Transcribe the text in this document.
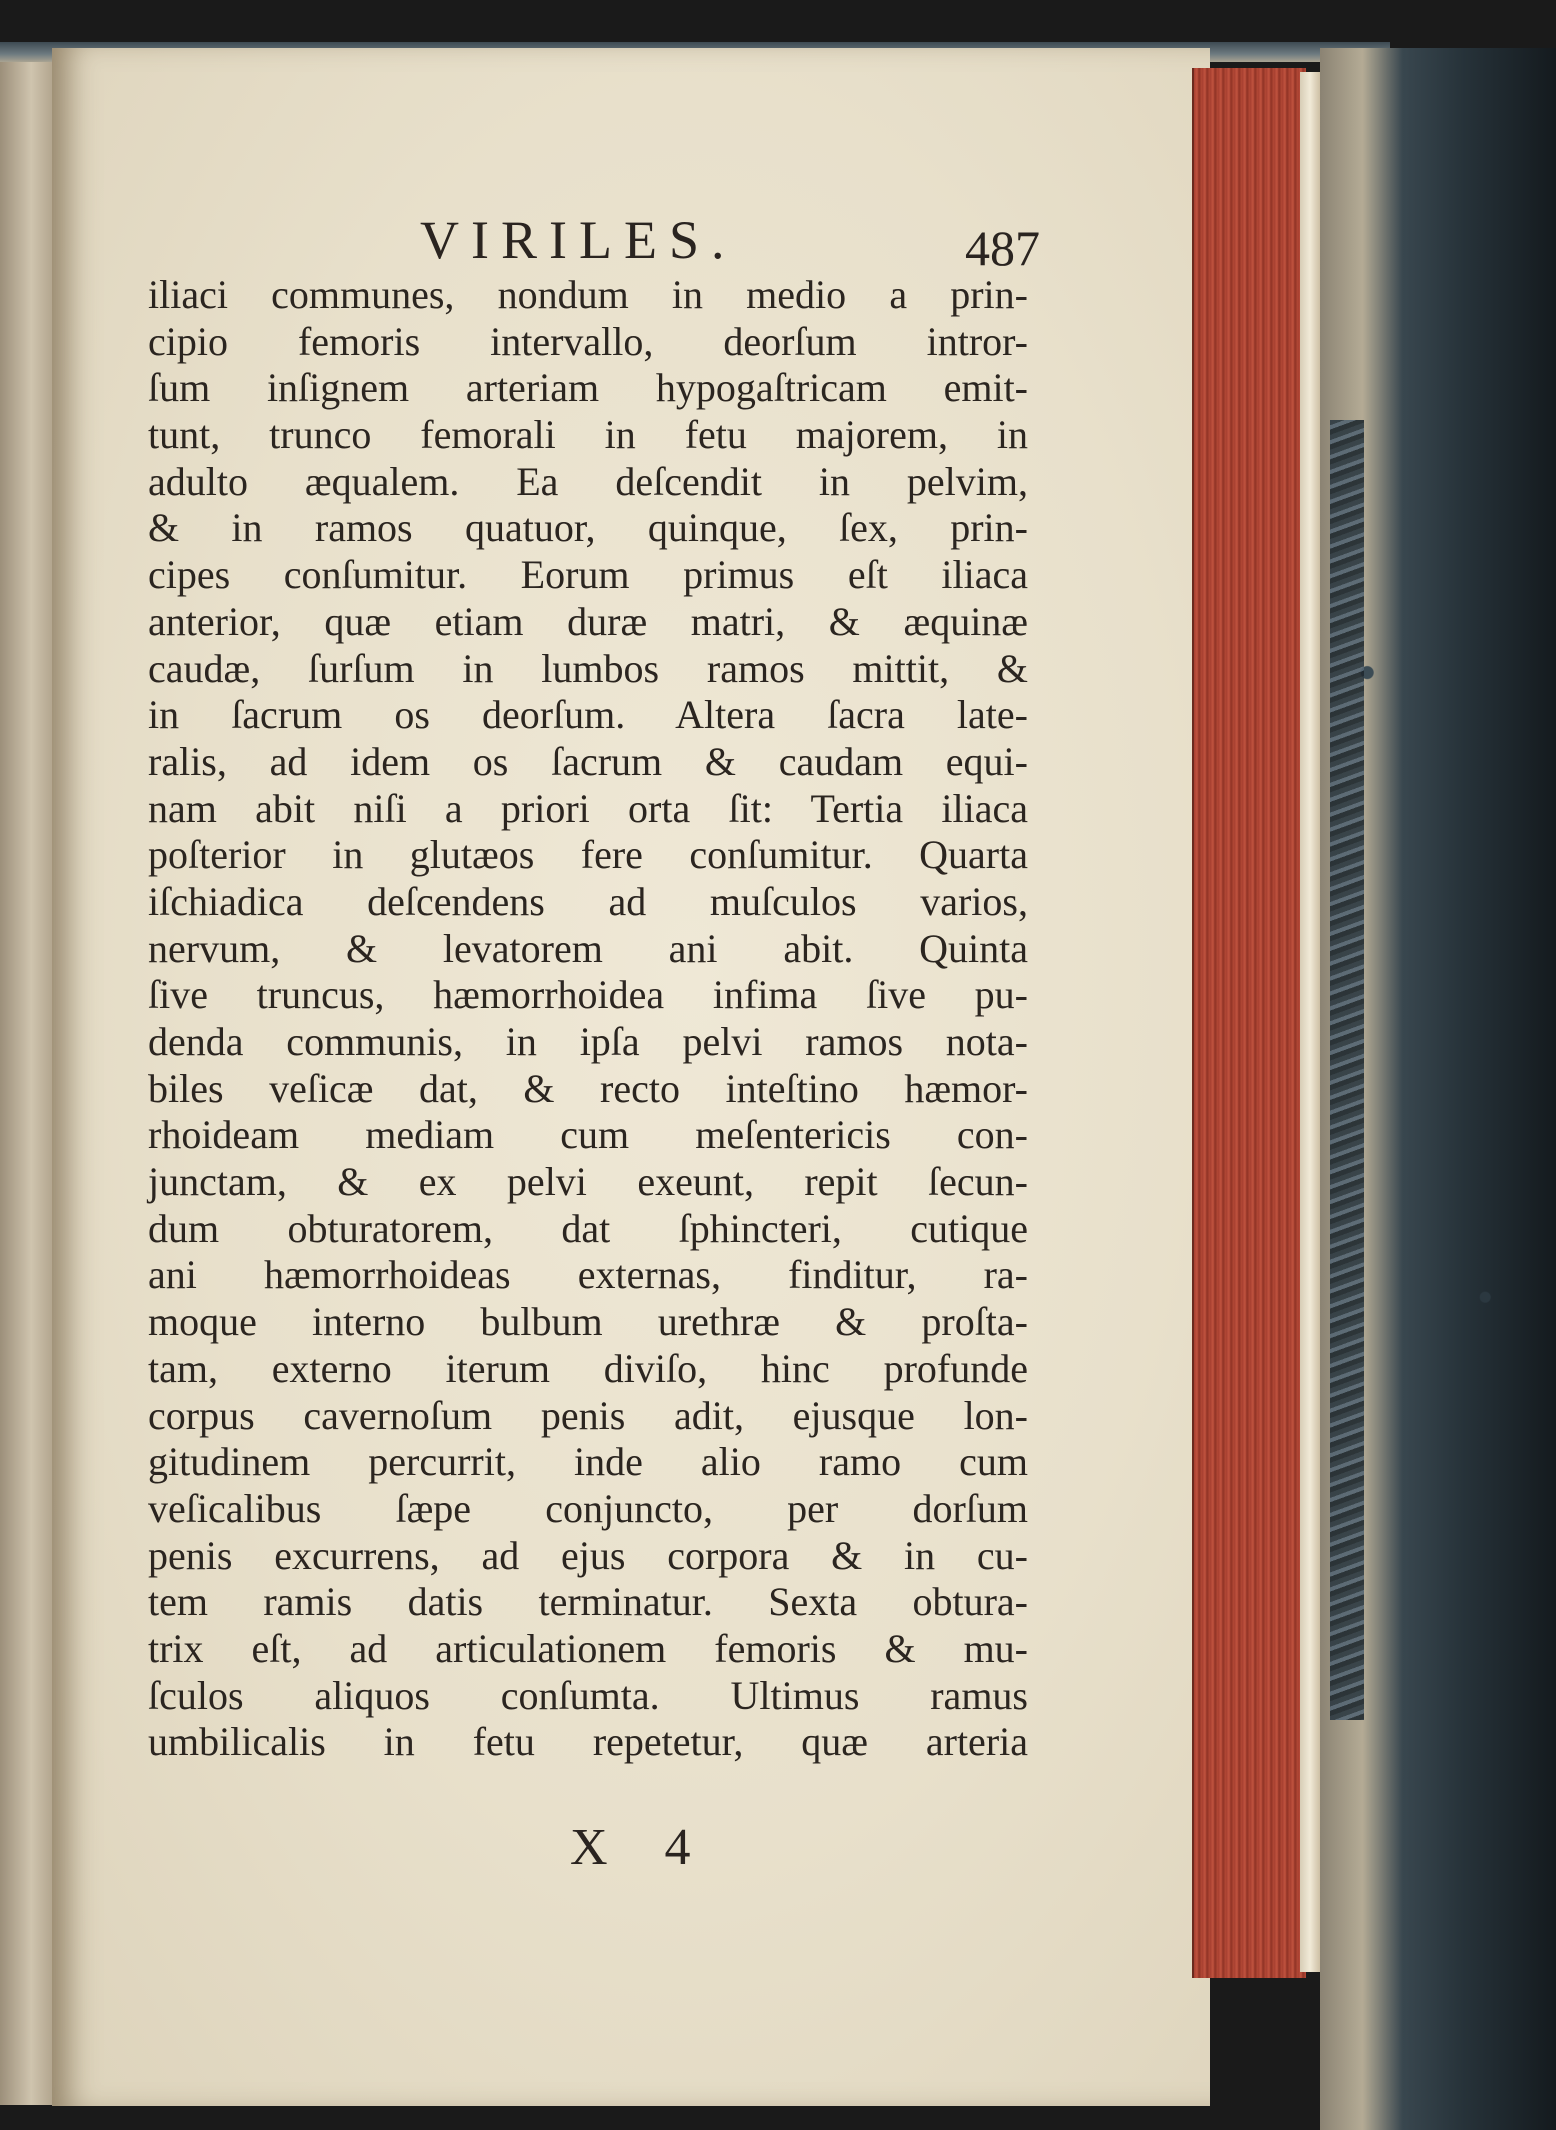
VIRILES.	487
iliaci communes, nondum in medio a prin-
cipio femoris intervallo, deorſum intror-
ſum inſignem arteriam hypogaſtricam emit-
tunt, trunco femorali in fetu majorem, in
adulto æqualem. Ea deſcendit in pelvim,
& in ramos quatuor, quinque, ſex, prin-
cipes conſumitur. Eorum primus eſt iliaca
anterior, quæ etiam duræ matri, & æquinæ
caudæ, ſurſum in lumbos ramos mittit, &
in ſacrum os deorſum. Altera ſacra late-
ralis, ad idem os ſacrum & caudam equi-
nam abit niſi a priori orta ſit: Tertia iliaca
poſterior in glutæos fere conſumitur. Quarta
iſchiadica deſcendens ad muſculos varios,
nervum, & levatorem ani abit. Quinta
ſive truncus, hæmorrhoidea infima ſive pu-
denda communis, in ipſa pelvi ramos nota-
biles veſicæ dat, & recto inteſtino hæmor-
rhoideam mediam cum meſentericis con-
junctam, & ex pelvi exeunt, repit ſecun-
dum obturatorem, dat ſphincteri, cutique
ani hæmorrhoideas externas, finditur, ra-
moque interno bulbum urethræ & proſta-
tam, externo iterum diviſo, hinc profunde
corpus cavernoſum penis adit, ejusque lon-
gitudinem percurrit, inde alio ramo cum
veſicalibus ſæpe conjuncto, per dorſum
penis excurrens, ad ejus corpora & in cu-
tem ramis datis terminatur. Sexta obtura-
trix eſt, ad articulationem femoris & mu-
ſculos aliquos conſumta. Ultimus ramus
umbilicalis in fetu repetetur, quæ arteria
X 4
